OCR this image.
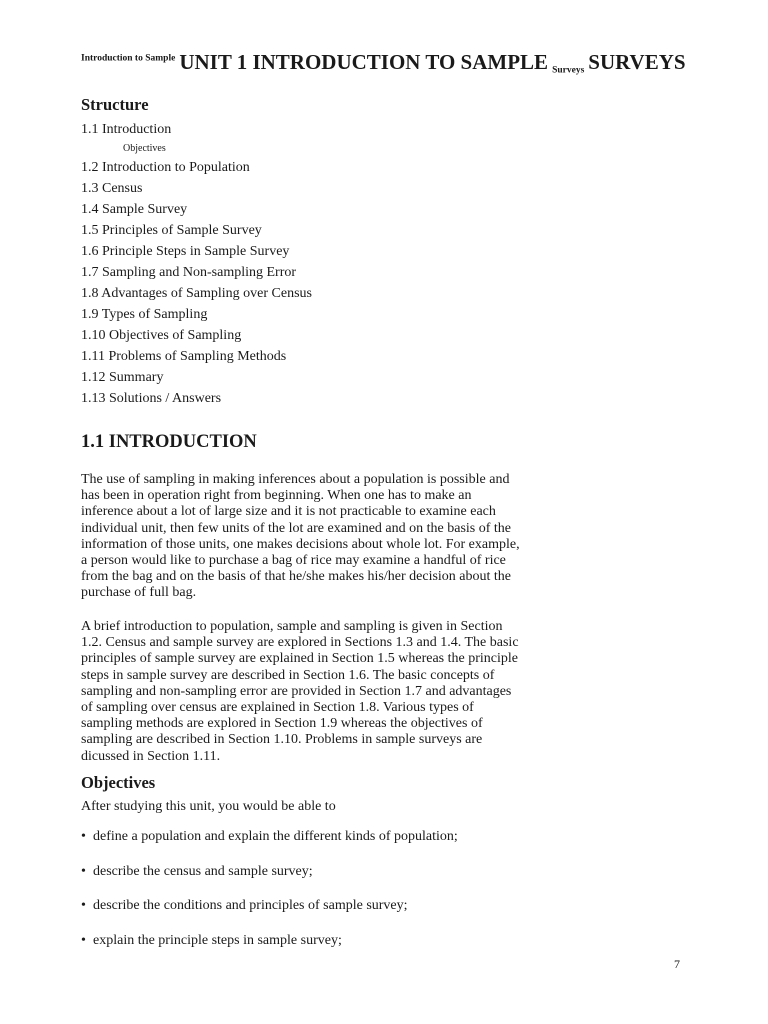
$^{Introduction to Sample}$ UNIT 1 INTRODUCTION TO SAMPLE $_{Surveys}$ SURVEYS
Structure
1.1 Introduction
Objectives
1.2 Introduction to Population
1.3 Census
1.4 Sample Survey
1.5 Principles of Sample Survey
1.6 Principle Steps in Sample Survey
1.7 Sampling and Non-sampling Error
1.8 Advantages of Sampling over Census
1.9 Types of Sampling
1.10 Objectives of Sampling
1.11 Problems of Sampling Methods
1.12 Summary
1.13 Solutions / Answers
1.1 INTRODUCTION

The use of sampling in making inferences about a population is possible and has been in operation right from beginning. When one has to make an inference about a lot of large size and it is not practicable to examine each individual unit, then few units of the lot are examined and on the basis of the information of those units, one makes decisions about whole lot. For example, a person would like to purchase a bag of rice may examine a handful of rice from the bag and on the basis of that he/she makes his/her decision about the purchase of full bag.

A brief introduction to population, sample and sampling is given in Section 1.2. Census and sample survey are explored in Sections 1.3 and 1.4. The basic principles of sample survey are explained in Section 1.5 whereas the principle steps in sample survey are described in Section 1.6. The basic concepts of sampling and non-sampling error are provided in Section 1.7 and advantages of sampling over census are explained in Section 1.8. Various types of sampling methods are explored in Section 1.9 whereas the objectives of sampling are described in Section 1.10. Problems in sample surveys are dicussed in Section 1.11.

Objectives
After studying this unit, you would be able to
• define a population and explain the different kinds of population;
• describe the census and sample survey;
• describe the conditions and principles of sample survey;
• explain the principle steps in sample survey;
7
